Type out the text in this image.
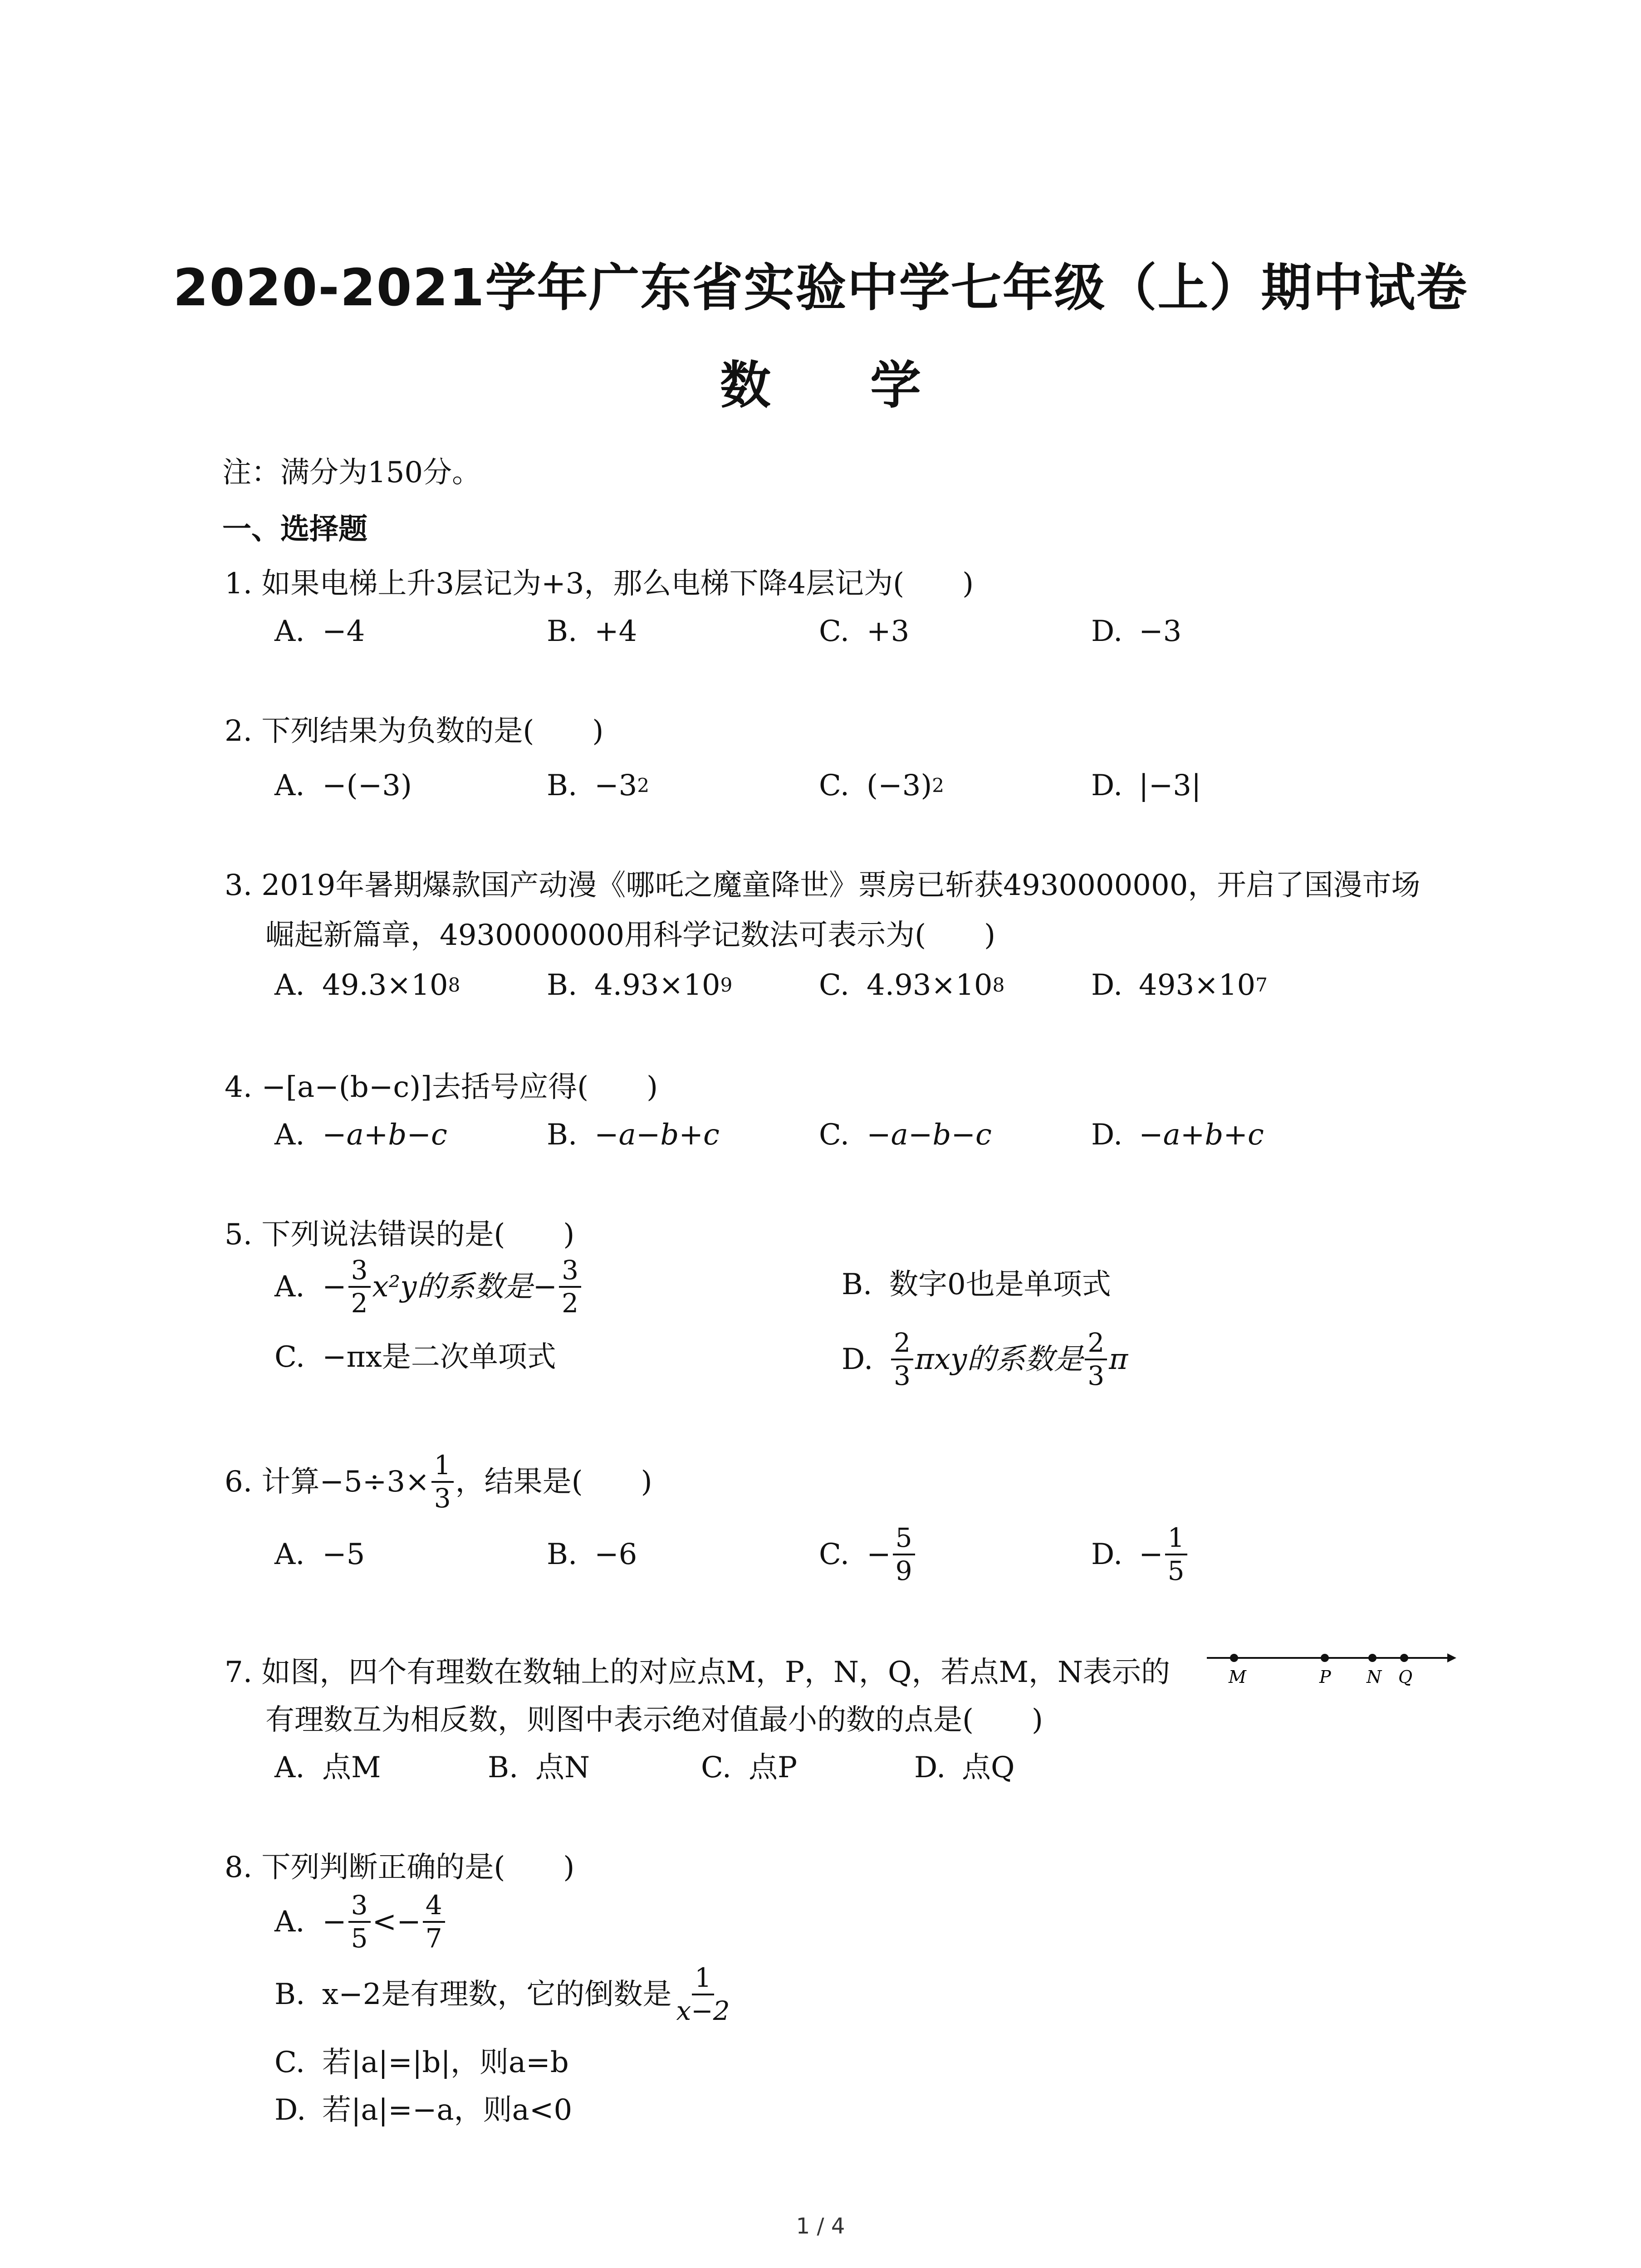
2020-2021学年广东省实验中学七年级（上）期中试卷
数 学
注：满分为150分。
一、选择题
1. 如果电梯上升3层记为+3，那么电梯下降4层记为(　　)
A. −4	B. +4	C. +3	D. −3
2. 下列结果为负数的是(　　)
A. −(−3)	B. −3 2	C. (−3) 2	D. |−3|
3. 2019年暑期爆款国产动漫《哪吒之魔童降世》票房已斩获4930000000，开启了国漫市场
崛起新篇章，4930000000用科学记数法可表示为(　　)
A. 49.3×10 8	B. 4.93×10 9	C. 4.93×10 8	D. 493×10 7
4. −[a−(b−c)]去括号应得(　　)
A. −a+b−c	B. −a−b+c	C. −a−b−c	D. −a+b+c
5. 下列说法错误的是(　　)
A. − $\frac{3}{2} x^2y$的系数是− $\frac{3}{2}$	B. 数字0也是单项式
C. −πx是二次单项式	D. $\frac{2}{3}$ πxy的系数是 $\frac{2}{3}$ π
6. 计算$-5\div 3\times \frac{1}{3}$ ，结果是(　　)
A. −5	B. −6	C. − $\frac{5}{9}$	D. − $\frac{1}{5}$
7. 如图，四个有理数在数轴上的对应点M，P，N，Q，若点M，N表示的
有理数互为相反数，则图中表示绝对值最小的数的点是(　　)
M	P N Q
A. 点M	B. 点N	C. 点P	D. 点Q
8. 下列判断正确的是(　　)
A. − $\frac{3}{5} <- \frac{4}{7}$
B. x−2是有理数，它的倒数是 $\frac{1}{x-2}$
C. 若|a|=|b|，则a=b
D. 若|a|=−a，则a<0
1 / 4
